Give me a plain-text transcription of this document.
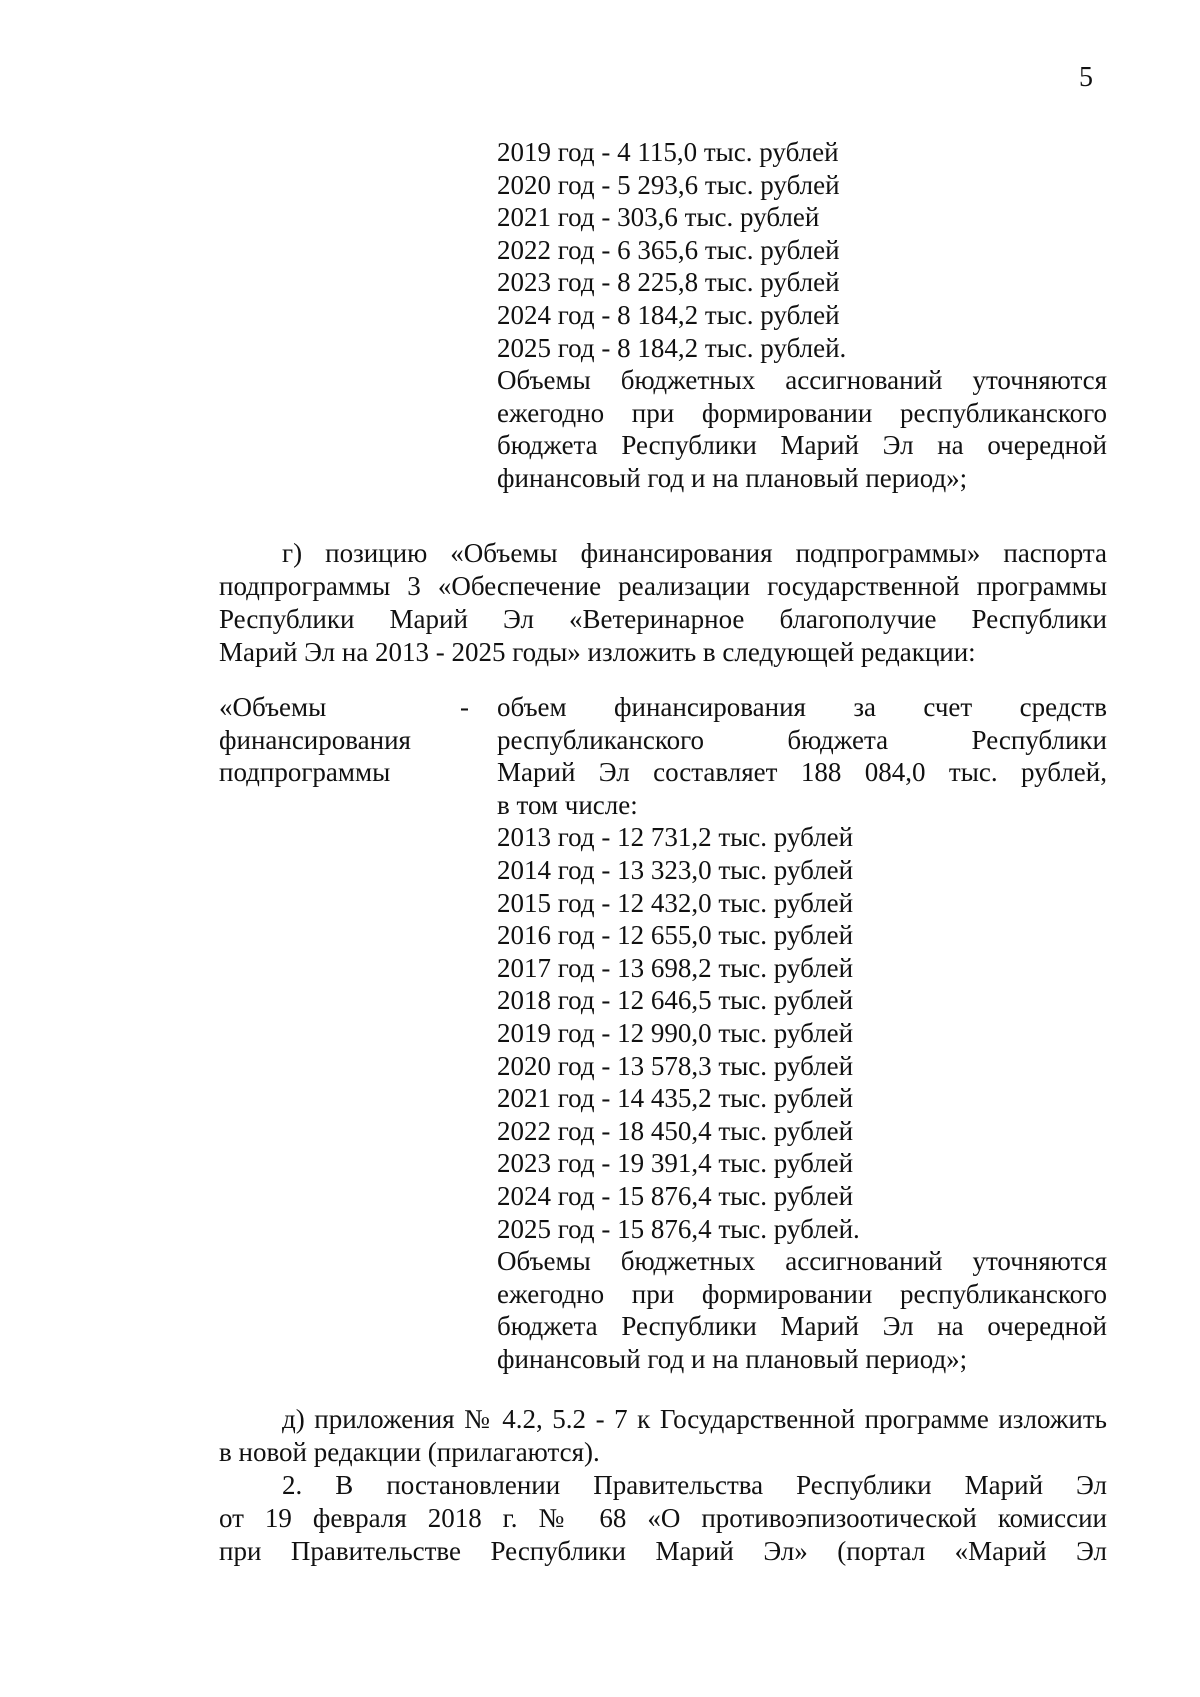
5
2019 год - 4 115,0 тыс. рублей
2020 год - 5 293,6 тыс. рублей
2021 год - 303,6 тыс. рублей
2022 год - 6 365,6 тыс. рублей
2023 год - 8 225,8 тыс. рублей
2024 год - 8 184,2 тыс. рублей
2025 год - 8 184,2 тыс. рублей.
Объемы бюджетных ассигнований уточняются
ежегодно при формировании республиканского
бюджета Республики Марий Эл на очередной
финансовый год и на плановый период»;
г) позицию «Объемы финансирования подпрограммы» паспорта
подпрограммы 3 «Обеспечение реализации государственной программы
Республики Марий Эл «Ветеринарное благополучие Республики
Марий Эл на 2013 - 2025 годы» изложить в следующей редакции:
«Объемы
финансирования
подпрограммы
- объем финансирования за счет средств
республиканского бюджета Республики
Марий Эл составляет 188 084,0 тыс. рублей,
в том числе:
2013 год - 12 731,2 тыс. рублей
2014 год - 13 323,0 тыс. рублей
2015 год - 12 432,0 тыс. рублей
2016 год - 12 655,0 тыс. рублей
2017 год - 13 698,2 тыс. рублей
2018 год - 12 646,5 тыс. рублей
2019 год - 12 990,0 тыс. рублей
2020 год - 13 578,3 тыс. рублей
2021 год - 14 435,2 тыс. рублей
2022 год - 18 450,4 тыс. рублей
2023 год - 19 391,4 тыс. рублей
2024 год - 15 876,4 тыс. рублей
2025 год - 15 876,4 тыс. рублей.
Объемы бюджетных ассигнований уточняются
ежегодно при формировании республиканского
бюджета Республики Марий Эл на очередной
финансовый год и на плановый период»;
д) приложения № 4.2, 5.2 - 7 к Государственной программе изложить
в новой редакции (прилагаются).
2. В постановлении Правительства Республики Марий Эл
от 19 февраля 2018 г. № 68 «О противоэпизоотической комиссии
при Правительстве Республики Марий Эл» (портал «Марий Эл
